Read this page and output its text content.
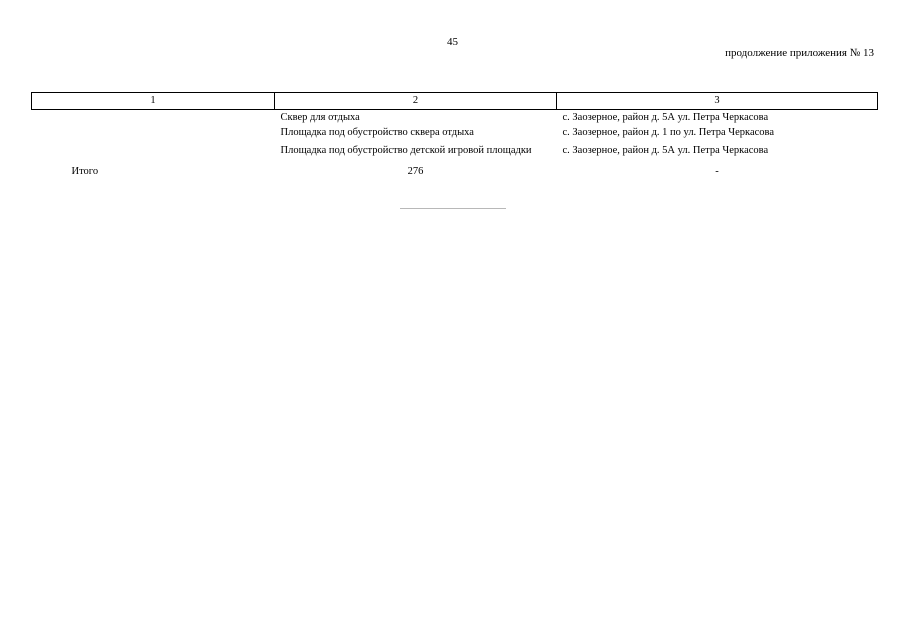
45
продолжение приложения № 13
1	2	3
	Сквер для отдыха	с. Заозерное, район д. 5А ул. Петра Черкасова
	Площадка под обустройство сквера отдыха	с. Заозерное, район д. 1 по ул. Петра Черкасова
	Площадка под обустройство детской игровой площадки	с. Заозерное, район д. 5А ул. Петра Черкасова
Итого	276	-
